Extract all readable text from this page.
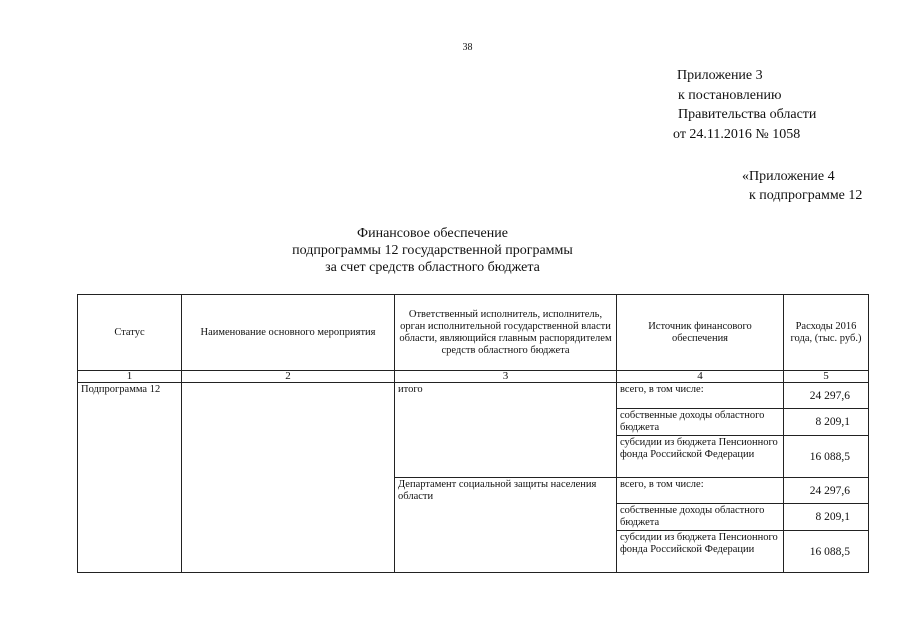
38
Приложение 3
к постановлению
Правительства области
от 24.11.2016 № 1058
«Приложение 4
к подпрограмме 12
Финансовое обеспечение
подпрограммы 12 государственной программы
за счет средств областного бюджета
Статус	Наименование основного мероприятия	Ответственный исполнитель, исполнитель, орган исполнительной государственной власти области, являющийся главным распорядителем средств областного бюджета	Источник финансового обеспечения	Расходы 2016 года, (тыс. руб.)
1	2	3	4	5
Подпрограмма 12		итого	всего, в том числе:	24 297,6
			собственные доходы областного бюджета	8 209,1
			субсидии из бюджета Пенсионного фонда Российской Федерации	16 088,5
		Департамент социальной защиты населения области	всего, в том числе:	24 297,6
			собственные доходы областного бюджета	8 209,1
			субсидии из бюджета Пенсионного фонда Российской Федерации	16 088,5
